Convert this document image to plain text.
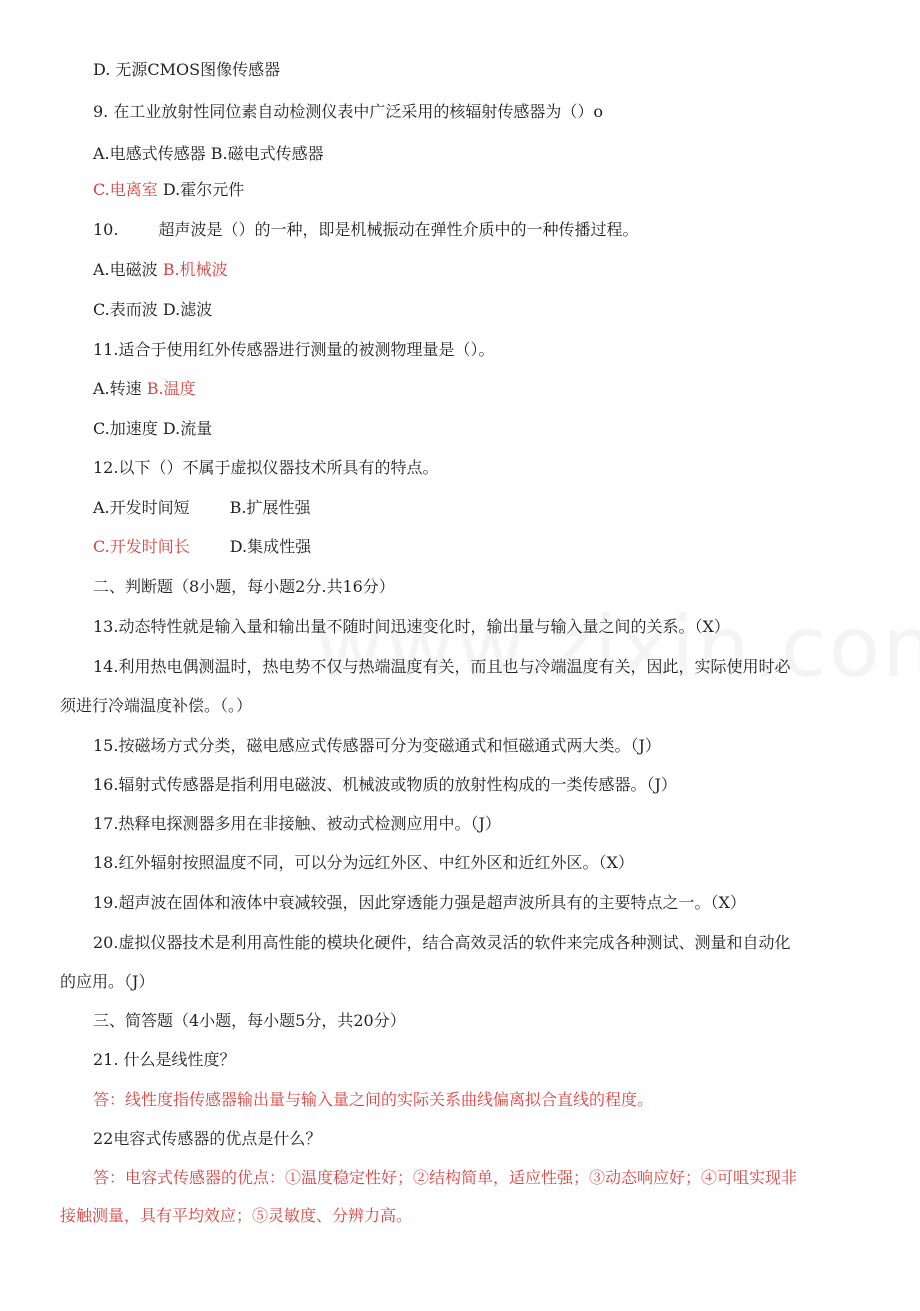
D. 无源CMOS图像传感器
9. 在工业放射性同位素自动检测仪表中广泛采用的核辐射传感器为（）o
A.电感式传感器 B.磁电式传感器
C.电离室 D.霍尔元件
10.	超声波是（）的一种，即是机械振动在弹性介质中的一种传播过程。
A.电磁波 B.机械波
C.表而波 D.滤波
11.适合于使用红外传感器进行测量的被测物理量是（）。
A.转速 B.温度
C.加速度 D.流量
12.以下（）不属于虚拟仪器技术所具有的特点。
A.开发时间短	B.扩展性强
C.开发时间长	D.集成性强
二、判断题（8小题，每小题2分.共16分）
13.动态特性就是输入量和输出量不随时间迅速变化时，输出量与输入量之间的关系。（X）
14.利用热电偶测温时，热电势不仅与热端温度有关，而且也与冷端温度有关，因此，实际使用时必
须进行冷端温度补偿。（。）
15.按磁场方式分类，磁电感应式传感器可分为变磁通式和恒磁通式两大类。（J）
16.辐射式传感器是指利用电磁波、机械波或物质的放射性构成的一类传感器。（J）
17.热释电探测器多用在非接触、被动式检测应用中。（J）
18.红外辐射按照温度不同，可以分为远红外区、中红外区和近红外区。（X）
19.超声波在固体和液体中衰减较强，因此穿透能力强是超声波所具有的主要特点之一。（X）
20.虚拟仪器技术是利用高性能的模块化硬件，结合高效灵活的软件来完成各种测试、测量和自动化
的应用。（J）
三、简答题（4小题，每小题5分，共20分）
21. 什么是线性度？
答：线性度指传感器输出量与输入量之间的实际关系曲线偏离拟合直线的程度。
22电容式传感器的优点是什么？
答：电容式传感器的优点：①温度稳定性好；②结构简单，适应性强；③动态响应好；④可咀实现非
接触测量，具有平均效应；⑤灵敏度、分辨力高。
